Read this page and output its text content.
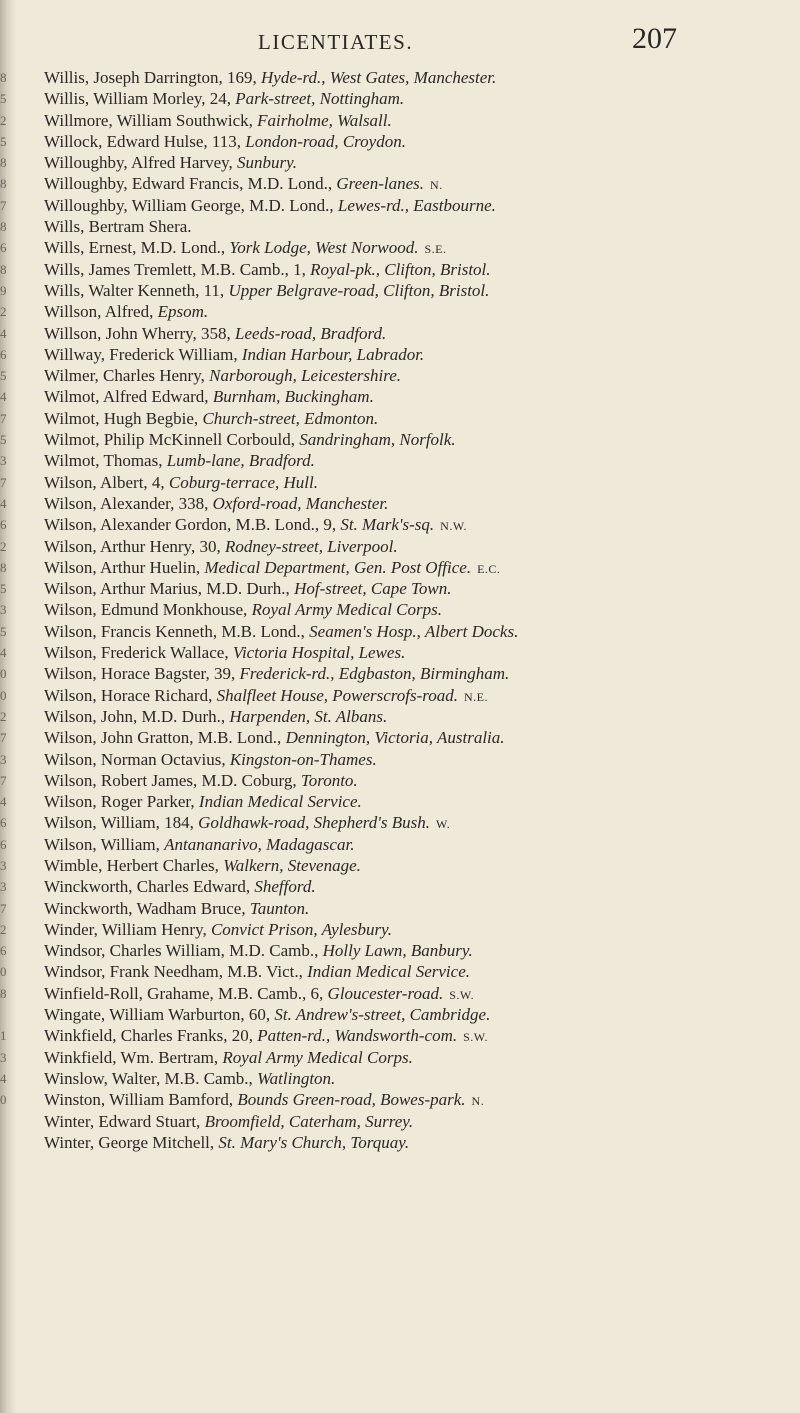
LICENTIATES.	207
8
5
2
5
8
8
7
8
6
8
9
2
4
6
5
4
7
5
3
7
4
6
2
8
5
3
5
4
0
0
2
7
3
7
4
6
6
3
3
7
2
6
0
8
1
3
4
0
Willis, Joseph Darrington, 169, Hyde-rd., West Gates, Manchester.
Willis, William Morley, 24, Park-street, Nottingham.
Willmore, William Southwick, Fairholme, Walsall.
Willock, Edward Hulse, 113, London-road, Croydon.
Willoughby, Alfred Harvey, Sunbury.
Willoughby, Edward Francis, M.D. Lond., Green-lanes. N.
Willoughby, William George, M.D. Lond., Lewes-rd., Eastbourne.
Wills, Bertram Shera.
Wills, Ernest, M.D. Lond., York Lodge, West Norwood. S.E.
Wills, James Tremlett, M.B. Camb., 1, Royal-pk., Clifton, Bristol.
Wills, Walter Kenneth, 11, Upper Belgrave-road, Clifton, Bristol.
Willson, Alfred, Epsom.
Willson, John Wherry, 358, Leeds-road, Bradford.
Willway, Frederick William, Indian Harbour, Labrador.
Wilmer, Charles Henry, Narborough, Leicestershire.
Wilmot, Alfred Edward, Burnham, Buckingham.
Wilmot, Hugh Begbie, Church-street, Edmonton.
Wilmot, Philip McKinnell Corbould, Sandringham, Norfolk.
Wilmot, Thomas, Lumb-lane, Bradford.
Wilson, Albert, 4, Coburg-terrace, Hull.
Wilson, Alexander, 338, Oxford-road, Manchester.
Wilson, Alexander Gordon, M.B. Lond., 9, St. Mark's-sq. N.W.
Wilson, Arthur Henry, 30, Rodney-street, Liverpool.
Wilson, Arthur Huelin, Medical Department, Gen. Post Office. E.C.
Wilson, Arthur Marius, M.D. Durh., Hof-street, Cape Town.
Wilson, Edmund Monkhouse, Royal Army Medical Corps.
Wilson, Francis Kenneth, M.B. Lond., Seamen's Hosp., Albert Docks.
Wilson, Frederick Wallace, Victoria Hospital, Lewes.
Wilson, Horace Bagster, 39, Frederick-rd., Edgbaston, Birmingham.
Wilson, Horace Richard, Shalfleet House, Powerscrofs-road. N.E.
Wilson, John, M.D. Durh., Harpenden, St. Albans.
Wilson, John Gratton, M.B. Lond., Dennington, Victoria, Australia.
Wilson, Norman Octavius, Kingston-on-Thames.
Wilson, Robert James, M.D. Coburg, Toronto.
Wilson, Roger Parker, Indian Medical Service.
Wilson, William, 184, Goldhawk-road, Shepherd's Bush. W.
Wilson, William, Antananarivo, Madagascar.
Wimble, Herbert Charles, Walkern, Stevenage.
Winckworth, Charles Edward, Shefford.
Winckworth, Wadham Bruce, Taunton.
Winder, William Henry, Convict Prison, Aylesbury.
Windsor, Charles William, M.D. Camb., Holly Lawn, Banbury.
Windsor, Frank Needham, M.B. Vict., Indian Medical Service.
Winfield-Roll, Grahame, M.B. Camb., 6, Gloucester-road. S.W.
Wingate, William Warburton, 60, St. Andrew's-street, Cambridge.
Winkfield, Charles Franks, 20, Patten-rd., Wandsworth-com. S.W.
Winkfield, Wm. Bertram, Royal Army Medical Corps.
Winslow, Walter, M.B. Camb., Watlington.
Winston, William Bamford, Bounds Green-road, Bowes-park. N.
Winter, Edward Stuart, Broomfield, Caterham, Surrey.
Winter, George Mitchell, St. Mary's Church, Torquay.
